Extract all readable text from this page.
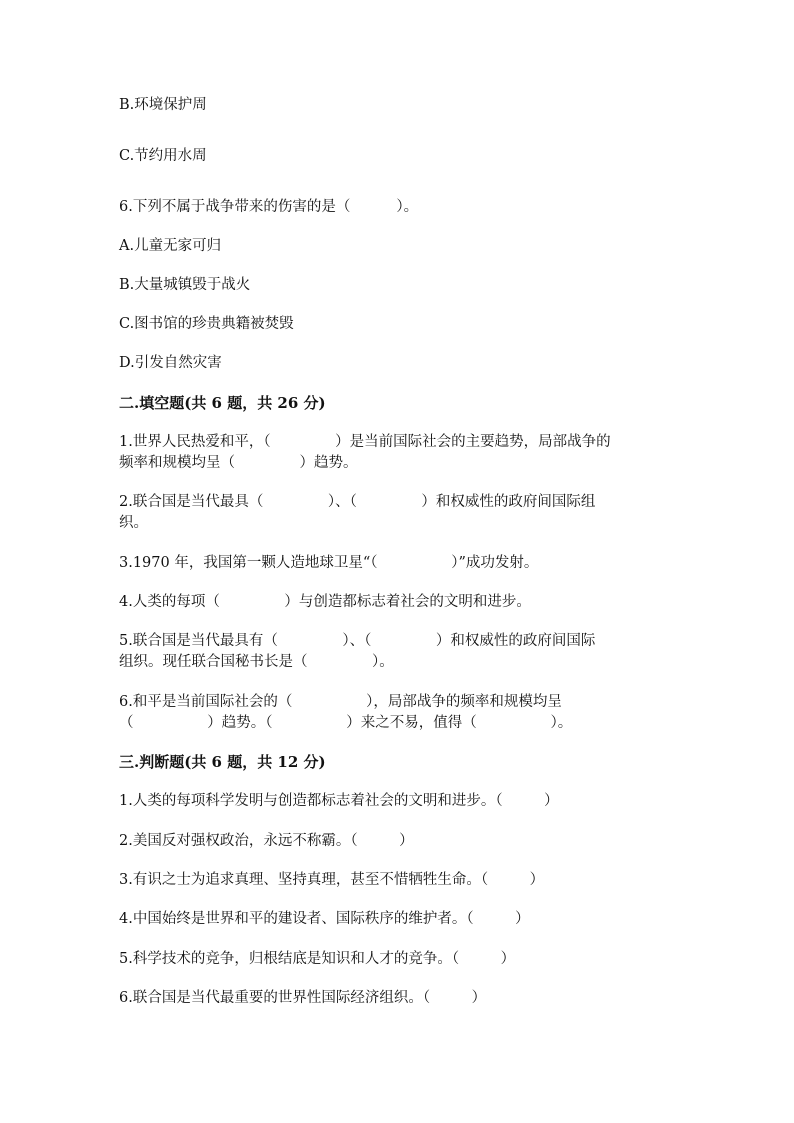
B.环境保护周
C.节约用水周
6.下列不属于战争带来的伤害的是（          ）。
A.儿童无家可归
B.大量城镇毁于战火
C.图书馆的珍贵典籍被焚毁
D.引发自然灾害
二.填空题(共 6 题，共 26 分)
1.世界人民热爱和平，（              ）是当前国际社会的主要趋势，局部战争的
频率和规模均呈（              ）趋势。
2.联合国是当代最具（              ）、（              ）和权威性的政府间国际组
织。
3.1970 年，我国第一颗人造地球卫星“（                ）”成功发射。
4.人类的每项（              ）与创造都标志着社会的文明和进步。
5.联合国是当代最具有（              ）、（              ）和权威性的政府间国际
组织。现任联合国秘书长是（              ）。
6.和平是当前国际社会的（                ），局部战争的频率和规模均呈
（                ）趋势。（                ）来之不易，值得（                ）。
三.判断题(共 6 题，共 12 分)
1.人类的每项科学发明与创造都标志着社会的文明和进步。（         ）
2.美国反对强权政治，永远不称霸。（         ）
3.有识之士为追求真理、坚持真理，甚至不惜牺牲生命。（         ）
4.中国始终是世界和平的建设者、国际秩序的维护者。（         ）
5.科学技术的竞争，归根结底是知识和人才的竞争。（         ）
6.联合国是当代最重要的世界性国际经济组织。（         ）
